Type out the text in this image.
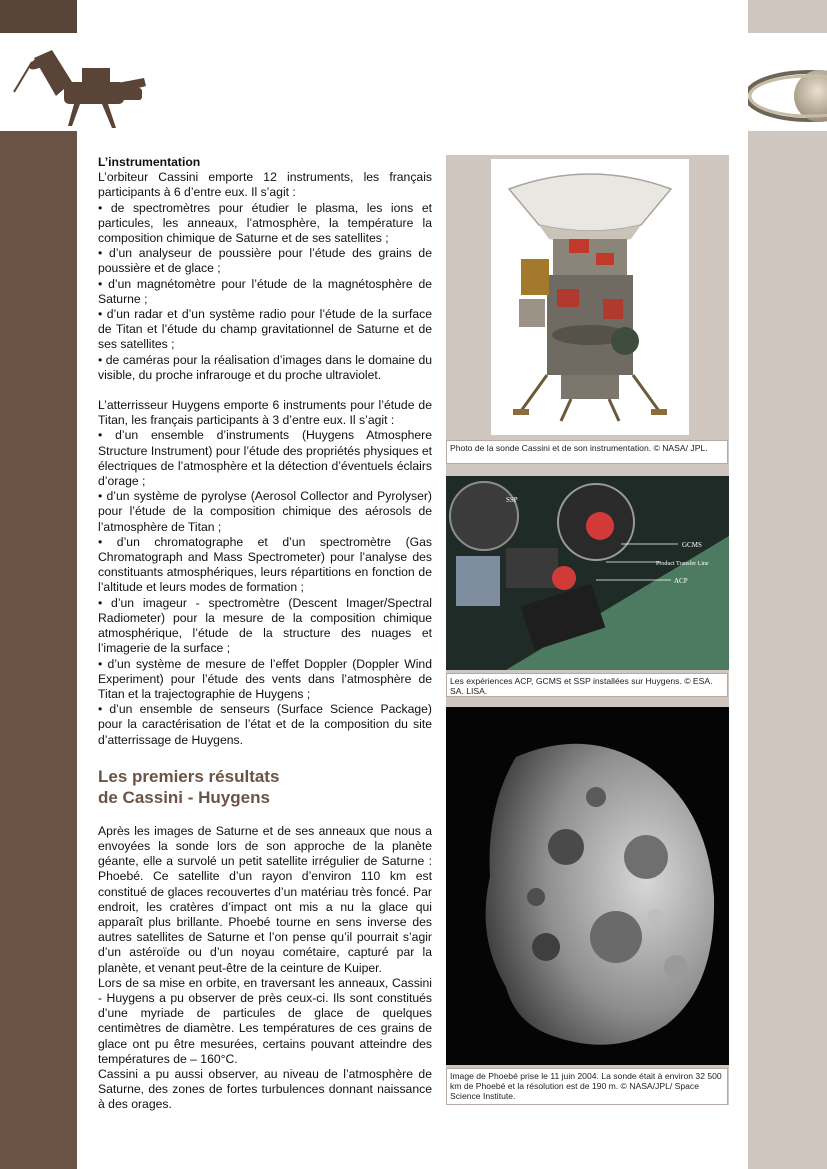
L’instrumentation

L’orbiteur Cassini emporte 12 instruments, les français participants à 6 d’entre eux. Il s’agit :

• de spectromètres pour étudier le plasma, les ions et particules, les anneaux, l’atmosphère, la température la composition chimique de Saturne et de ses satellites ;

• d’un analyseur de poussière pour l’étude des grains de poussière et de glace ;

• d’un magnétomètre pour l’étude de la magnétosphère de Saturne ;

• d’un radar et d’un système radio pour l’étude de la surface de Titan et l’étude du champ gravitationnel de Saturne et de ses satellites ;

• de caméras pour la réalisation d’images dans le domaine du visible, du proche infrarouge et du proche ultraviolet.

L’atterrisseur Huygens emporte 6 instruments pour l’étude de Titan, les français participants à 3 d’entre eux. Il s’agit :

• d’un ensemble d’instruments (Huygens Atmosphere Structure Instrument) pour l’étude des propriétés physiques et électriques de l’atmosphère et la détection d’éventuels éclairs d’orage ;

• d’un système de pyrolyse (Aerosol Collector and Pyrolyser) pour l’étude de la composition chimique des aérosols de l’atmosphère de Titan ;

• d’un chromatographe et d’un spectromètre (Gas Chromatograph and Mass Spectrometer) pour l’analyse des constituants atmosphériques, leurs répartitions en fonction de l’altitude et leurs modes de formation ;

• d’un imageur - spectromètre (Descent Imager/Spectral Radiometer) pour la mesure de la composition chimique atmosphérique, l’étude de la structure des nuages et l’imagerie de la surface ;

• d’un système de mesure de l’effet Doppler (Doppler Wind Experiment) pour l’étude des vents dans l’atmosphère de Titan et la trajectographie de Huygens ;

• d’un ensemble de senseurs (Surface Science Package) pour la caractérisation de l’état et de la composition du site d’atterrissage de Huygens.

Les premiers résultats
de Cassini - Huygens

Après les images de Saturne et de ses anneaux que nous a envoyées la sonde lors de son approche de la planète géante, elle a survolé un petit satellite irrégulier de Saturne : Phoebé. Ce satellite d’un rayon d’environ 110 km est constitué de glaces recouvertes d’un matériau très foncé. Par endroit, les cratères d’impact ont mis a nu la glace qui apparaît plus brillante. Phoebé tourne en sens inverse des autres satellites de Saturne et l’on pense qu’il pourrait s’agir d’un astéroïde ou d’un noyau cométaire, capturé par la planète, et venant peut-être de la ceinture de Kuiper.

Lors de sa mise en orbite, en traversant les anneaux, Cassini - Huygens a pu observer de près ceux-ci. Ils sont constitués d’une myriade de particules de glace de quelques centimètres de diamètre. Les températures de ces grains de glace ont pu être mesurées, certains pouvant atteindre des températures de – 160°C.

Cassini a pu aussi observer, au niveau de l’atmosphère de Saturne, des zones de fortes turbulences donnant naissance à des orages.

Photo de la sonde Cassini et de son instrumentation. © NASA/ JPL.
SSP
GCMS
Product Transfer Line
ACP
Les expériences ACP, GCMS et SSP installées sur Huygens. © ESA. SA. LISA.
Image de Phoebé prise le 11 juin 2004. La sonde était à environ 32 500 km de Phoebé et la résolution est de 190 m. © NASA/JPL/ Space Science Institute.
